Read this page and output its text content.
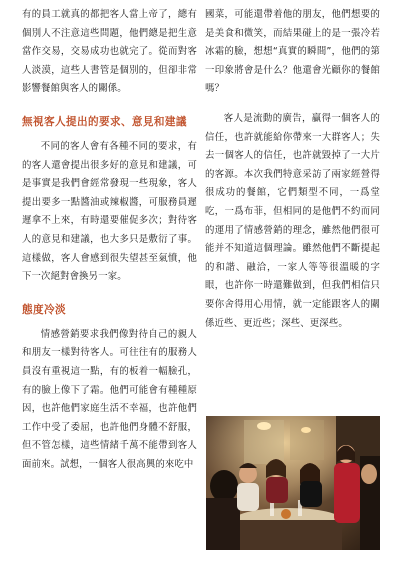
有的員工就真的都把客人當上帝了，總有個別人不注意這些問題，他們總是把生意當作交易，交易成功也就完了。從而對客人淡漠，這些人書管是個別的，但卻非常影響餐館與客人的關係。

無視客人提出的要求、意見和建議

不同的客人會有各種不同的要求，有的客人還會提出很多好的意見和建議，可是事實是我們會經常發現一些現象，客人提出要多一點醬油或辣椒醬，可服務員遲遲拿不上來，有時還要催促多次；對待客人的意見和建議，也大多只是敷衍了事。這樣做，客人會感到很失望甚至氣憤，他下一次絕對會換另一家。

態度冷淡

情感營銷要求我們像對待自己的親人和朋友一樣對待客人。可往往有的服務人員沒有重視這一點，有的板着一幅臉孔，有的臉上像下了霜。他們可能會有種種原因，也許他們家庭生活不幸福，也許他們工作中受了委屈，也許他們身體不舒服，但不管怎樣，這些情緒千萬不能帶到客人面前來。試想，一個客人很高興的來吃中

國菜，可能還帶着他的朋友，他們想要的是美食和微笑，而結果碰上的是一張冷若冰霜的臉，想想“真實的瞬間”，他們的第一印象將會是什么？他還會光顧你的餐館嗎？

客人是流動的廣告，贏得一個客人的信任，也許就能給你帶來一大群客人；失去一個客人的信任，也許就毀掉了一大片的客源。本次我們特意采訪了兩家經營得很成功的餐館，它們類型不同，一爲堂吃，一爲布菲，但相同的是他們不約而同的運用了情感營銷的理念，雖然他們很可能并不知道這個理論。雖然他們不斷提起的和諧、融洽，一家人等等很溫暖的字眼，也許你一時還難做到，但我們相信只要你舍得用心用情，就一定能跟客人的關係近些、更近些；深些、更深些。
